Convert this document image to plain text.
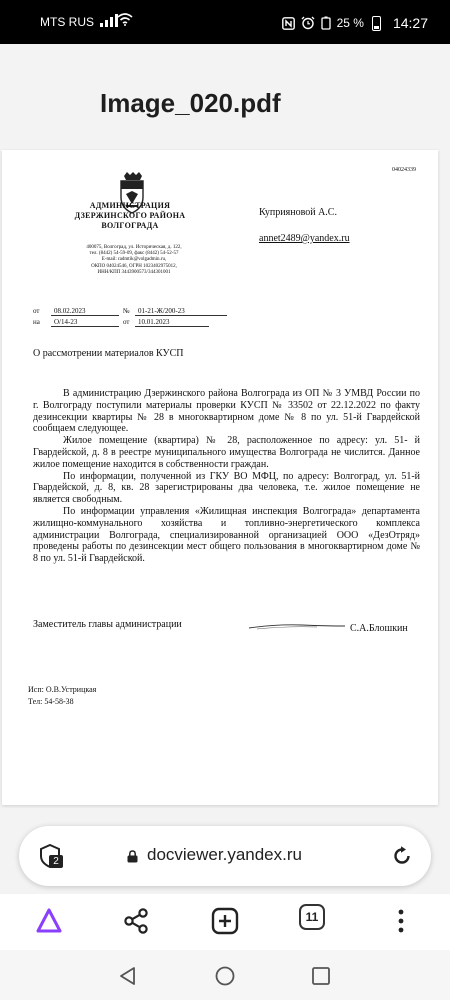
MTS RUS	25 % 14:27
Image_020.pdf
04024339
АДМИНИСТРАЦИЯ
ДЗЕРЖИНСКОГО РАЙОНА
ВОЛГОГРАДА
400075, Волгоград, ул. Историческая, д. 122,
тел. (8442) 54-59-09, факс (8442) 54-52-57
E-mail: radmtik@volgadmin.ru,
ОКПО 04024546, ОГРН 1023402975012,
ИНН/КПП 3443900573/344301001
Куприяновой А.С.
annet2489@yandex.ru
от	08.02.2023	№	01-21-Ж/200-23
на	O/14-23	от	10.01.2023
О рассмотрении материалов КУСП

В администрацию Дзержинского района Волгограда из ОП № 3 УМВД России по г. Волгограду поступили материалы проверки КУСП № 33502 от 22.12.2022 по факту дезинсекции квартиры № 28 в многоквартирном доме № 8 по ул. 51-й Гвардейской сообщаем следующее.

Жилое помещение (квартира) № 28, расположенное по адресу: ул. 51- й Гвардейской, д. 8 в реестре муниципального имущества Волгограда не числится. Данное жилое помещение находится в собственности граждан.

По информации, полученной из ГКУ ВО МФЦ, по адресу: Волгоград, ул. 51-й Гвардейской, д. 8, кв. 28 зарегистрированы два человека, т.е. жилое помещение не является свободным.

По информации управления «Жилищная инспекция Волгограда» департамента жилищно-коммунального хозяйства и топливно-энергетического комплекса администрации Волгограда, специализированной организацией ООО «ДезОтряд» проведены работы по дезинсекции мест общего пользования в многоквартирном доме № 8 по ул. 51-й Гвардейской.

Заместитель главы администрации	С.А.Блошкин
Исп: О.В.Устрицкая
Тел: 54-58-38
2	docviewer.yandex.ru
11
